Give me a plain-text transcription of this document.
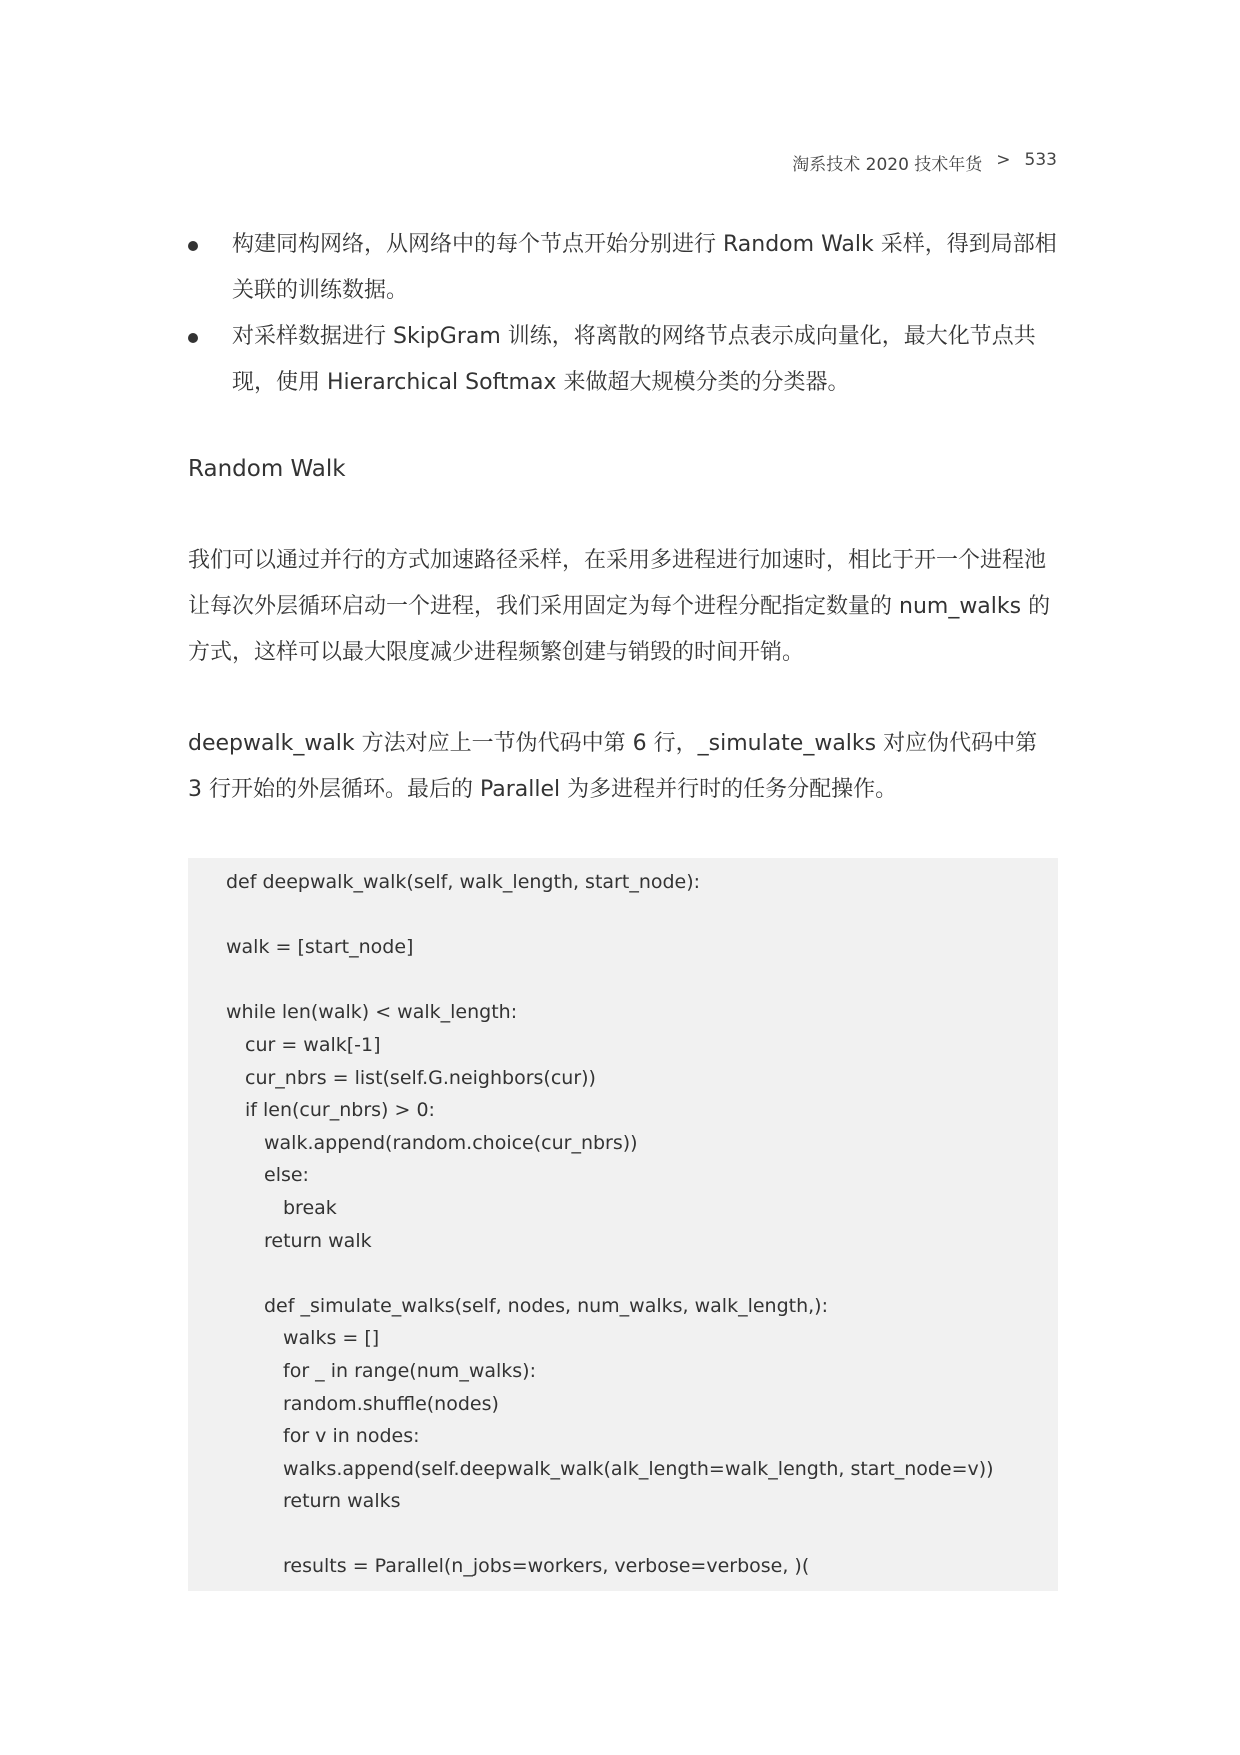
淘系技术 2020 技术年货 > 533
构建同构网络，从网络中的每个节点开始分别进行 Random Walk 采样，得到局部相关联的训练数据。
对采样数据进行 SkipGram 训练，将离散的网络节点表示成向量化，最大化节点共现，使用 Hierarchical Softmax 来做超大规模分类的分类器。
Random Walk

我们可以通过并行的方式加速路径采样，在采用多进程进行加速时，相比于开一个进程池让每次外层循环启动一个进程，我们采用固定为每个进程分配指定数量的 num_walks 的方式，这样可以最大限度减少进程频繁创建与销毁的时间开销。

deepwalk_walk 方法对应上一节伪代码中第 6 行，_simulate_walks 对应伪代码中第 3 行开始的外层循环。最后的 Parallel 为多进程并行时的任务分配操作。

def deepwalk_walk(self, walk_length, start_node):
walk = [start_node]
while len(walk) < walk_length:
cur = walk[-1]
cur_nbrs = list(self.G.neighbors(cur))
if len(cur_nbrs) > 0:
walk.append(random.choice(cur_nbrs))
else:
break
return walk
def _simulate_walks(self, nodes, num_walks, walk_length,):
walks = []
for _ in range(num_walks):
random.shuffle(nodes)
for v in nodes:
walks.append(self.deepwalk_walk(alk_length=walk_length, start_node=v))
return walks
results = Parallel(n_jobs=workers, verbose=verbose, )(
